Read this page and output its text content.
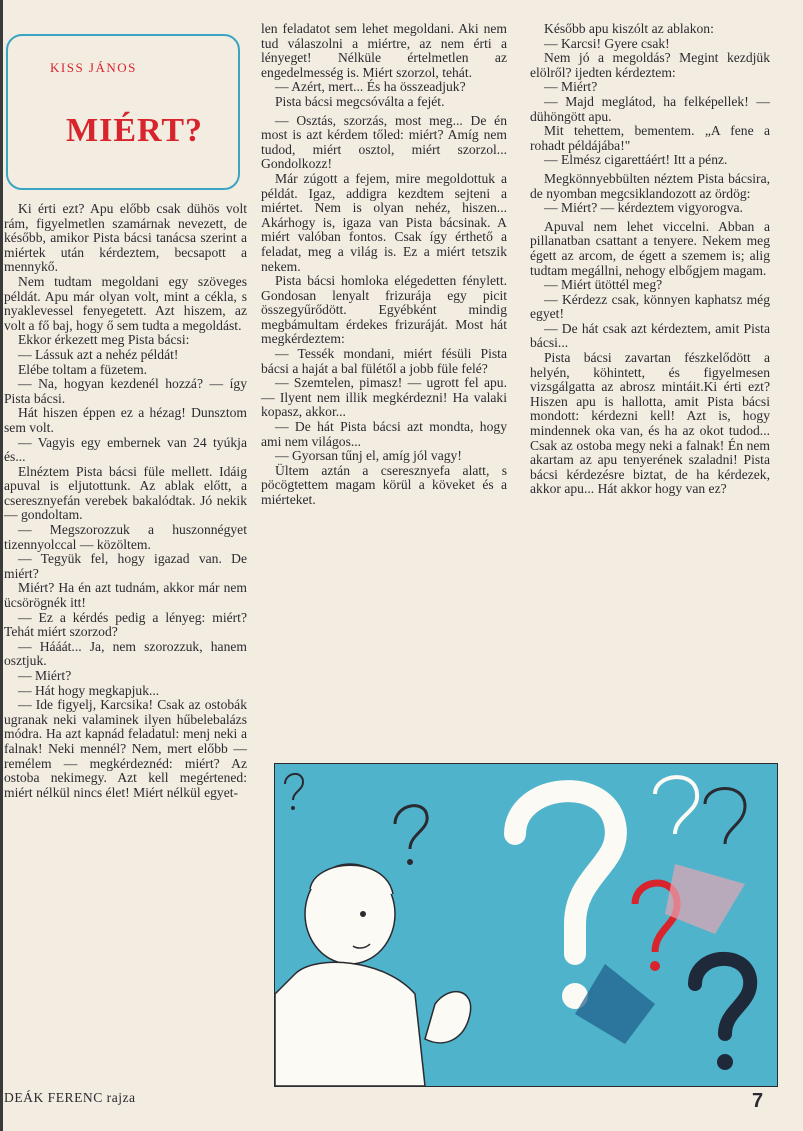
KISS JÁNOS
MIÉRT?

Ki érti ezt? Apu előbb csak dühös volt rám, figyelmetlen szamárnak nevezett, de később, amikor Pista bácsi tanácsa szerint a miértek után kérdeztem, becsapott a mennykő.

Nem tudtam megoldani egy szöveges példát. Apu már olyan volt, mint a cékla, s nyaklevessel fenyegetett. Azt hiszem, az volt a fő baj, hogy ő sem tudta a megoldást.

Ekkor érkezett meg Pista bácsi:

— Lássuk azt a nehéz példát!

Elébe toltam a füzetem.

— Na, hogyan kezdenél hozzá? — így Pista bácsi.

Hát hiszen éppen ez a hézag! Dunsztom sem volt.

— Vagyis egy embernek van 24 tyúkja és...

Elnéztem Pista bácsi füle mellett. Idáig apuval is eljutottunk. Az ablak előtt, a cseresznyefán verebek bakalódtak. Jó nekik — gondoltam.

— Megszorozzuk a huszonnégyet tizennyolccal — közöltem.

— Tegyük fel, hogy igazad van. De miért?

Miért? Ha én azt tudnám, akkor már nem ücsörögnék itt!

— Ez a kérdés pedig a lényeg: miért? Tehát miért szorzod?

— Hááát... Ja, nem szorozzuk, hanem osztjuk.

— Miért?

— Hát hogy megkapjuk...

— Ide figyelj, Karcsika! Csak az ostobák ugranak neki valaminek ilyen hűbelebalázs módra. Ha azt kapnád feladatul: menj neki a falnak! Neki mennél? Nem, mert előbb — remélem — megkérdeznéd: miért? Az ostoba nekimegy. Azt kell megértened: miért nélkül nincs élet! Miért nélkül egyet-

len feladatot sem lehet megoldani. Aki nem tud válaszolni a miértre, az nem érti a lényeget! Nélküle értelmetlen az engedelmesség is. Miért szorzol, tehát.

— Azért, mert... És ha összeadjuk?

Pista bácsi megcsóválta a fejét.

— Osztás, szorzás, most meg... De én most is azt kérdem tőled: miért? Amíg nem tudod, miért osztol, miért szorzol... Gondolkozz!

Már zúgott a fejem, mire megoldottuk a példát. Igaz, addigra kezdtem sejteni a miértet. Nem is olyan nehéz, hiszen... Akárhogy is, igaza van Pista bácsinak. A miért valóban fontos. Csak így érthető a feladat, meg a világ is. Ez a miért tetszik nekem.

Pista bácsi homloka elégedetten fénylett. Gondosan lenyalt frizurája egy picit összegyűrődött. Egyébként mindig megbámultam érdekes frizuráját. Most hát megkérdeztem:

— Tessék mondani, miért fésüli Pista bácsi a haját a bal fülétől a jobb füle felé?

— Szemtelen, pimasz! — ugrott fel apu. — Ilyent nem illik megkérdezni! Ha valaki kopasz, akkor...

— De hát Pista bácsi azt mondta, hogy ami nem világos...

— Gyorsan tűnj el, amíg jól vagy!

Ültem aztán a cseresznyefa alatt, s pöcögtettem magam körül a köveket és a miérteket.

Később apu kiszólt az ablakon:

— Karcsi! Gyere csak!

Nem jó a megoldás? Megint kezdjük elölről? ijedten kérdeztem:

— Miért?

— Majd meglátod, ha felképellek! — dühöngött apu.

Mit tehettem, bementem. „A fene a rohadt példájába!"

— Elmész cigarettáért! Itt a pénz.

Megkönnyebbülten néztem Pista bácsira, de nyomban megcsiklandozott az ördög:

— Miért? — kérdeztem vigyorogva.

Apuval nem lehet viccelni. Abban a pillanatban csattant a tenyere. Nekem meg égett az arcom, de égett a szemem is; alig tudtam megállni, nehogy elbőgjem magam.

— Miért ütöttél meg?

— Kérdezz csak, könnyen kaphatsz még egyet!

— De hát csak azt kérdeztem, amit Pista bácsi...

Pista bácsi zavartan fészkelődött a helyén, köhintett, és figyelmesen vizsgálgatta az abrosz mintáit.Ki érti ezt? Hiszen apu is hallotta, amit Pista bácsi mondott: kérdezni kell! Azt is, hogy mindennek oka van, és ha az okot tudod... Csak az ostoba megy neki a falnak! Én nem akartam az apu tenyerének szaladni! Pista bácsi kérdezésre biztat, de ha kérdezek, akkor apu... Hát akkor hogy van ez?

DEÁK FERENC rajza	7
